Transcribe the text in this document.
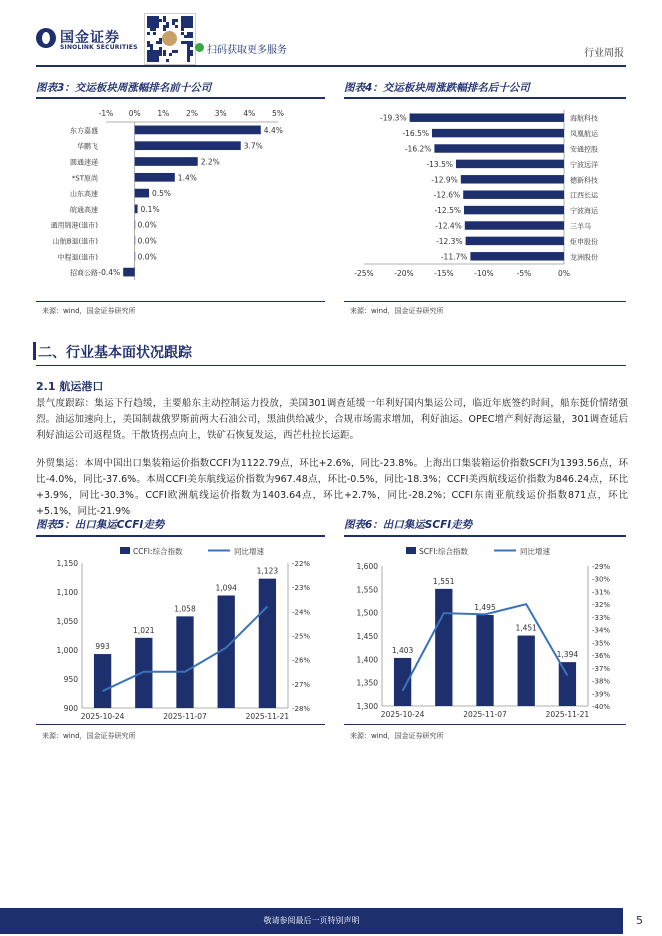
国金证券
SINOLINK SECURITIES	扫码获取更多服务	行业周报
图表3：交运板块周涨幅排名前十公司
-1% 0% 1% 2% 3% 4% 5%
东方嘉盛	4.4%
华鹏飞	3.7%
圆通速递	2.2%
*ST原尚	1.4%
山东高速	0.5%
皖通高速	0.1%
通用锦港(退市)	0.0%
山航B退(退市)	0.0%
中程退(退市)	0.0%
招商公路 -0.4%
来源：wind，国金证券研究所
图表4：交运板块周涨跌幅排名后十公司
-25%	-20%	-15%	-10%	-5%	0%
海航科技
-19.3%
凤凰航运
-16.5%
安通控股
-16.2%
宁波远洋
-13.5%
德新科技
-12.9%
江西长运
-12.6%
宁波海运
-12.5%
三羊马
-12.4%
炬申股份
-12.3%
龙洲股份
-11.7%
来源：wind，国金证券研究所
二、行业基本面状况跟踪
2.1 航运港口
景气度跟踪：集运下行趋缓，主要船东主动控制运力投放，美国301调查延缓一年利好国内集运公司，临近年底签约时间，船东挺价情绪强烈。油运加速向上，美国制裁俄罗斯前两大石油公司，黑油供给减少，合规市场需求增加，利好油运。OPEC增产利好海运量，301调查延后利好油运公司返程货。干散货拐点向上，铁矿石恢复发运，西芒杜拉长运距。
外贸集运：本周中国出口集装箱运价指数CCFI为1122.79点，环比+2.6%，同比-23.8%。上海出口集装箱运价指数SCFI为1393.56点，环比-4.0%，同比-37.6%。本周CCFI美东航线运价指数为967.48点，环比-0.5%，同比-18.3%；CCFI美西航线运价指数为846.24点，环比+3.9%，同比-30.3%。CCFI欧洲航线运价指数为1403.64点，环比+2.7%，同比-28.2%；CCFI东南亚航线运价指数871点，环比+5.1%，同比-21.9%
图表5：出口集运CCFI走势
CCFI:综合指数	同比增速
900
950
1,000
1,050
1,100
1,150
-28%
-27%
-26%
-25%
-24%
-23%
-22%
2025-10-24	2025-11-07	2025-11-21
993
1,021
1,058
1,094
1,123
来源：wind，国金证券研究所
图表6：出口集运SCFI走势
SCFI:综合指数	同比增速
1,300
1,350
1,400
1,450
1,500
1,550
1,600
-40%
-39%
-38%
-37%
-36%
-35%
-34%
-33%
-32%
-31%
-30%
-29%
2025-10-24	2025-11-07	2025-11-21
1,403
1,551
1,495
1,451
1,394
来源：wind，国金证券研究所
敬请参阅最后一页特别声明	5
